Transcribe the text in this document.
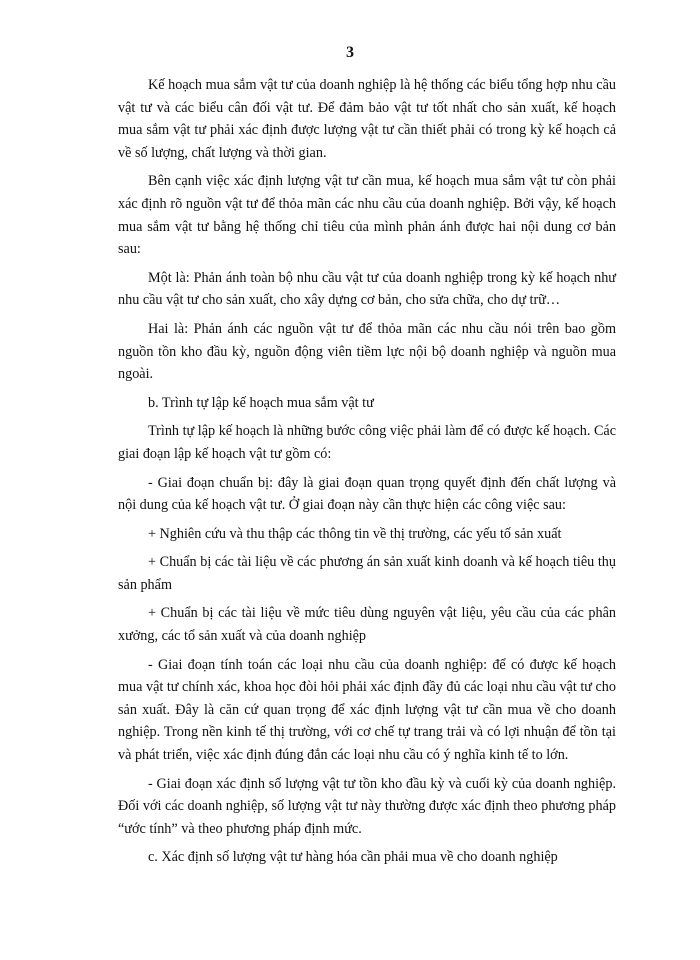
3

Kế hoạch mua sắm vật tư của doanh nghiệp là hệ thống các biểu tổng hợp nhu cầu vật tư và các biểu cân đối vật tư. Để đảm bảo vật tư tốt nhất cho sản xuất, kế hoạch mua sắm vật tư phải xác định được lượng vật tư cần thiết phải có trong kỳ kế hoạch cả về số lượng, chất lượng và thời gian.

Bên cạnh việc xác định lượng vật tư cần mua, kế hoạch mua sắm vật tư còn phải xác định rõ nguồn vật tư để thỏa mãn các nhu cầu của doanh nghiệp. Bởi vậy, kế hoạch mua sắm vật tư bằng hệ thống chỉ tiêu của mình phản ánh được hai nội dung cơ bản sau:

Một là: Phản ánh toàn bộ nhu cầu vật tư của doanh nghiệp trong kỳ kế hoạch như nhu cầu vật tư cho sản xuất, cho xây dựng cơ bản, cho sửa chữa, cho dự trữ…

Hai là: Phản ánh các nguồn vật tư để thỏa mãn các nhu cầu nói trên bao gồm nguồn tồn kho đầu kỳ, nguồn động viên tiềm lực nội bộ doanh nghiệp và nguồn mua ngoài.

b. Trình tự lập kế hoạch mua sắm vật tư

Trình tự lập kế hoạch là những bước công việc phải làm để có được kế hoạch. Các giai đoạn lập kế hoạch vật tư gồm có:

- Giai đoạn chuẩn bị: đây là giai đoạn quan trọng quyết định đến chất lượng và nội dung của kế hoạch vật tư. Ở giai đoạn này cần thực hiện các công việc sau:

+ Nghiên cứu và thu thập các thông tin về thị trường, các yếu tố sản xuất

+ Chuẩn bị các tài liệu về các phương án sản xuất kinh doanh và kế hoạch tiêu thụ sản phẩm

+ Chuẩn bị các tài liệu về mức tiêu dùng nguyên vật liệu, yêu cầu của các phân xưởng, các tổ sản xuất và của doanh nghiệp

- Giai đoạn tính toán các loại nhu cầu của doanh nghiệp: để có được kế hoạch mua vật tư chính xác, khoa học đòi hỏi phải xác định đầy đủ các loại nhu cầu vật tư cho sản xuất. Đây là căn cứ quan trọng để xác định lượng vật tư cần mua về cho doanh nghiệp. Trong nền kinh tế thị trường, với cơ chế tự trang trải và có lợi nhuận để tồn tại và phát triển, việc xác định đúng đắn các loại nhu cầu có ý nghĩa kinh tế to lớn.

- Giai đoạn xác định số lượng vật tư tồn kho đầu kỳ và cuối kỳ của doanh nghiệp. Đối với các doanh nghiệp, số lượng vật tư này thường được xác định theo phương pháp “ước tính” và theo phương pháp định mức.

c. Xác định số lượng vật tư hàng hóa cần phải mua về cho doanh nghiệp
